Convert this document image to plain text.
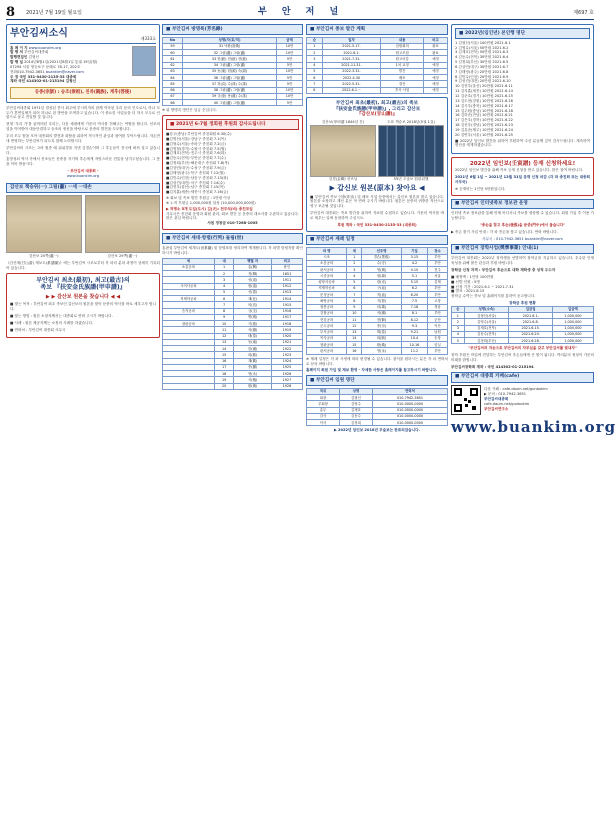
8 2021년 7월 19일 월요일	부 안 저 널	제697 호
부안김씨소식	제333호
홈 페 이 지 www.buankim.org
발 행 처 부안김씨대종회
발행편집인 김형신
발 행 일 2014년8월1일(2021년8월1일 통권 19일(월)
07294 서울 영등포구 문래로 78-17, 202호
전화010-7942-3651 buankim@naver.com
주 정 국민 331-0430-2135-33 대종회
계좌 국민 414302-01-215194 김형신
등종(宗訓) : 숭조(崇祖), 친족(親族), 계후(啓後)
부안김씨대종회 1971년 결성된 종사 회주에 부시미자의 함께 약속된 우리 문의 인도로서, 아나 모두가 혼연일체가 되어 하나로 된 방안을 모색하고 있습니다. 이 중요한 사업들을 더 하시 모두로 인함으로 돕고 전일할 것 입니다.
현재 '우리 가'를 잃어버린 우리는, 다음 세대에게 가문의 역사를 전해주는 역할을 합니다. 선조의 얼을 이어받아 대동단결하고 숭조의 정신을 바탕으로 문중의 발전을 도모합니다.
우리 모두 힘을 모아 대종회의 발전과 화합을 위하여 적극적인 관심과 참여를 부탁드립니다. 자손만대 번영하는 부안김씨가 되도록 함께 노력합시다.
부안김씨의 시조는 고려 원종 때 위위경을 지낸 김경손이며 그 후손들이 전국에 퍼져 살고 있습니다.
홍망성쇠 역사 속에서 선조들은 문중을 지키며 후손에게 자랑스러운 전통을 남겨주셨습니다. 그 뜻을 이어 받읍시다.
- 부안김씨 대종회 -
www.buankim.org
감산보 책숭위(一) 그림(畵) 一세 一대손
감산보 25쪽(畵一)	감산보 29쪽(畵一)
《감산재(甘山齋) 계보도(系譜圖)》에는 부안김씨 시조로부터 각 파의 분파 과정이 상세히 기록되어 있습니다.
부안김씨 최초(最初), 최고(最古)의
족보 『扶安金氏族譜(甲申譜)』
▶ ▶ 감산보 원본을 찾습니다 ◀ ◀
■ 찾는 목적 : 부안김씨 최초 족보인 갑신보의 원본을 찾아 문중의 역사를 바로 세우고자 합니다.
■ 찾는 방법 : 원본 소장자께서는 대종회로 연락 주시기 바랍니다.
■ 사례 : 원본 제공자께는 소정의 사례를 하겠습니다.
■ 연락처 : 부안김씨 대종회 사무국
■ 부안김씨 방명록(芳名錄)
No	성명(자/호/직)	금액
59	31 낙환(洛煥)	10만
60	32 그림(畵) 그림(畵)	10만
61	33 현(鉉) 현(鉉) 현(鉉)	5만
62	34 그림(畵) 그림(畵)	5만
63	35 동(東) 원(源) 숙(淑)	10만
64	36 그림(畵) 그림(畵)	5만
65	37 정(貞) 수(洙) 수(洙)	5만
66	38 그림(畵) 그림(畵)	10만
67	39 규(奎) 용(龍) 수(洙)	10만
68	40 그림(畵) 그림(畵)	5만
※ 위 방명록 명단은 입금 순입니다.
■ 2021년 6-7월 정회원 후원회 감사드립니다
■강주(충남)·부안김씨 종친회원 6.30(수)
■김영선(서울)·강남구 종친회 7.1(목)
■김형수(서울)·송파구 종친회 7.2(금)
■김영철(경기)·수원시 종친회 7.5(월)
■김재호(전북)·전주시 종친회 7.6(화)
■김동수(전북)·부안군 종친회 7.7(수)
■김정희(부산)·해운대구 종친회 7.8(목)
■김상민(대구)·수성구 종친회 7.9(금)
■김태영(광주)·북구 종친회 7.12(월)
■김민수(인천)·남동구 종친회 7.13(화)
■김성진(대전)·서구 종친회 7.14(수)
■김현우(울산)·남구 종친회 7.15(목)
■김지훈(세종)·세종시 종친회 7.16(금)
※ 회보 및 족보 발간 후원금 : 1만원 이상
※ 누적 후원금 1,000,000원 달성 (10,000,000,000원)
▶ 작명소 5개 도입(도시) 김(天): 천무석(비) 종친모임
사무국은 종친회 운영과 회원 관리, 회보 발간 등 문중의 대소사를 주관하고 있습니다. 많은 관심 바랍니다.
사원 정창금 010-7268-1005
■ 부안김씨 세대·항렬(行列) 돌림(世)
홍판섭 부안김씨 세계도(世系圖) 및 항렬표를 정리하여 게재합니다. 각 파별 항렬자를 확인하시기 바랍니다.
세	대	행렬 자	비고
소총공파	1	흥(興)	용인
	2	경(卿)	1851
	3	성(成)	1911
시어사공파	4	원(遠)	1912
	5	선(善)	1913
직제학공파	6	재(在)	1914
	7	의(宜)	1915
승지공파	8	규(圭)	1916
	9	병(炳)	1917
참판공파	10	기(基)	1918
	11	석(錫)	1919
	12	태(泰)	1920
	13	동(東)	1921
	14	한(漢)	1922
	15	희(熙)	1923
	16	재(載)	1924
	17	종(鍾)	1925
	18	영(永)	1926
	19	식(植)	1927
	20	환(煥)	1928
■ 부안김씨 종보 발간 계획
순	일자	내용	비고
1	2021.5.17.	임원회의	완료
2	2021.6.1.	원고모집	완료
3	2021.7.31.	원고마감	예정
4	2021.11.31.	1차 교정	예정
5	2022.3.31.	발간	예정
6	2022.4.30	배포	예정
7	2022.5.31.	결산	예정
8	2022.6.1.~	후속 사업	예정
부안김씨 최초(最初), 최고(最古)의 족보
『扶安金氏族譜(甲申譜)』, 그리고 감산보
『감산보(甘山譜)』
감산보(甲申譜 1844년 간)
김경(金卿) 선조님
도표 책숭보 2018년(5권 1질)
55년 주술보 원판위행
▶ 갑신보 원본(原本) 찾아요 ◀
■ 부안김씨 족보 인출(印出) 및 배포 사업 문중에서는 갑신보 원본을 찾고 있습니다. 원본을 소장하고 계신 분은 꼭 연락 주시기 바랍니다. 원본은 문중의 귀중한 자산으로 영구 보존될 것입니다.
부안김씨 대종회는 족보 발간을 위하여 자료를 수집하고 있습니다. 가문의 역사를 바로 세우는 일에 동참하여 주십시오.
후원 계좌 : 국민 331-0430-2135-33 (대종회)
■ 부안김씨 제례 일정
파 명	세	선조명	기일	장소
시조	1	경손(景孫)	3.15	부안
소감공파	2	수(守)	4.2	부안
판서공파	3	영(瑛)	4.10	전주
시중공파	4	원(源)	5.1	서울
평장사공파	5	광(光)	5.15	김제
직제학공파	6	구(坵)	6.2	부안
문정공파	7	직(直)	6.20	부안
좌랑공파	8	지(智)	7.5	고창
참봉공파	9	의(義)	7.18	정읍
감찰공파	10	석(錫)	8.1	부안
현감공파	11	현(賢)	8.12	군산
군수공파	12	종(宗)	9.3	익산
부사공파	13	태(泰)	9.21	남원
목사공파	14	희(熙)	10.4	순창
참판공파	15	환(煥)	10.16	임실
판서공파	16	영(永)	11.2	부안
※ 제례 일정은 각 파 사정에 따라 변경될 수 있습니다. 참석을 원하시는 분은 각 파 연락처로 문의 바랍니다.
홈페이지 회원 가입 및 제보 환영 - 자세한 사항은 홈페이지를 참고하시기 바랍니다.
■ 부안김씨 임원 명단
직위	성명	연락처
회장	김형신	010-7942-3651
부회장	김영수	010-0000-0000
총무	김재호	010-0000-0000
감사	김동수	010-0000-0000
이사	김정희	010-0000-0000
▶ 2022년 임인보 2018년 무술보는 완료되었습니다.
■ 2022년(임인년) 본인행 명단
1 김형신(서울) 100만원 2021.6.1
2 김영수(서울) 50만원 2021.6.2
3 김재호(전북) 50만원 2021.6.3
4 김동수(전북) 30만원 2021.6.4
5 김정희(부산) 30만원 2021.6.5
6 김상민(대구) 30만원 2021.6.7
7 김태영(광주) 20만원 2021.6.8
8 김민수(인천) 20만원 2021.6.9
9 김성진(대전) 20만원 2021.6.10
10 김현우(울산) 20만원 2021.6.11
11 김지훈(세종) 10만원 2021.6.14
12 김준호(경기) 10만원 2021.6.15
13 김도현(강원) 10만원 2021.6.16
14 김시우(충북) 10만원 2021.6.17
15 김주원(충남) 10만원 2021.6.18
16 김하준(전남) 10만원 2021.6.21
17 김은우(경북) 10만원 2021.6.22
18 김선우(경남) 10만원 2021.6.23
19 김유준(제주) 10만원 2021.6.24
20 김연우(서울) 10만원 2021.6.25
■ 2022년 임인보 발간을 위하여 후원하여 주신 분들께 깊이 감사드립니다. 계속하여 명단을 게재하겠습니다.
2022년 임인보(壬寅譜) 등재 신청하세요!
2022년 임인보 발간을 위해 족보 등재 신청을 받고 있습니다. 많은 참여 바랍니다.
2021년 6월 1일 ~ 2021년 12월 31일 등재 신청 마감 (각 파 종친회 또는 대종회 사무국)
※ 등재비는 1인당 3만원입니다.
■ 부안김씨 인터넷족보 정보관 운영
인터넷 족보 정보관을 통해 언제 어디서나 족보를 열람할 수 있습니다. 회원 가입 후 이용 가능합니다.
"종손을 찾고 후손(後孫)을 문중(門中)에서 돕습니다"
▶ 종손 찾기 사업 안내 : 각 파 종손을 찾고 있습니다. 연락 바랍니다.
사무국 : 010-7942-3651 buankim@naver.com
■ 부안김씨 장학사업(獎學事業) 안내(1)
부안김씨 대종회는 2021년 장학생을 선발하여 장학금을 지급하고 있습니다. 우수한 인재 육성을 위해 많은 관심과 후원 바랍니다.
장학금 신청 자격 : 부안김씨 후손으로 대학 재학생 중 성적 우수자
■ 배정액 : 1인당 100만원
■ 선발 인원 : 5명
■ 신청 기간 : 2021.6.1 ~ 2021.7.31
■ 발표 : 2021.8.15
장학금 수여는 종보 및 홈페이지를 통하여 공고합니다.
장학금 후원 현황
순	성명(소속)	입금일	입금액
1	김형신(서울)	2021.6.1.	1,000,000
2	김영수(서울)	2021.6.8.	1,000,000
3	김재호(전북)	2021.6.15.	1,000,000
4	김동수(전북)	2021.6.20.	1,000,000
5	김정희(부산)	2021.6.28.	1,000,000
"부안김씨의 자손으로 부안김씨의 자부심을 갖고 부안김씨를 빛내자"
장학 후원은 학업에 전념하는 부안김씨 후손들에게 큰 힘이 됩니다. 여러분의 정성이 가문의 미래를 밝힙니다.
부안김씨장학회 계좌 : 국민 414302-01-215194
■ 부안김씨 대종회 카페(cafe)
다음 카페 : cafe.daum.net/gunbokim
▶ 문의 : 010-7942-3651
부안김씨대종회
cafe.daum.net/gunbokim
부안김씨연구소
www.buankim.org
